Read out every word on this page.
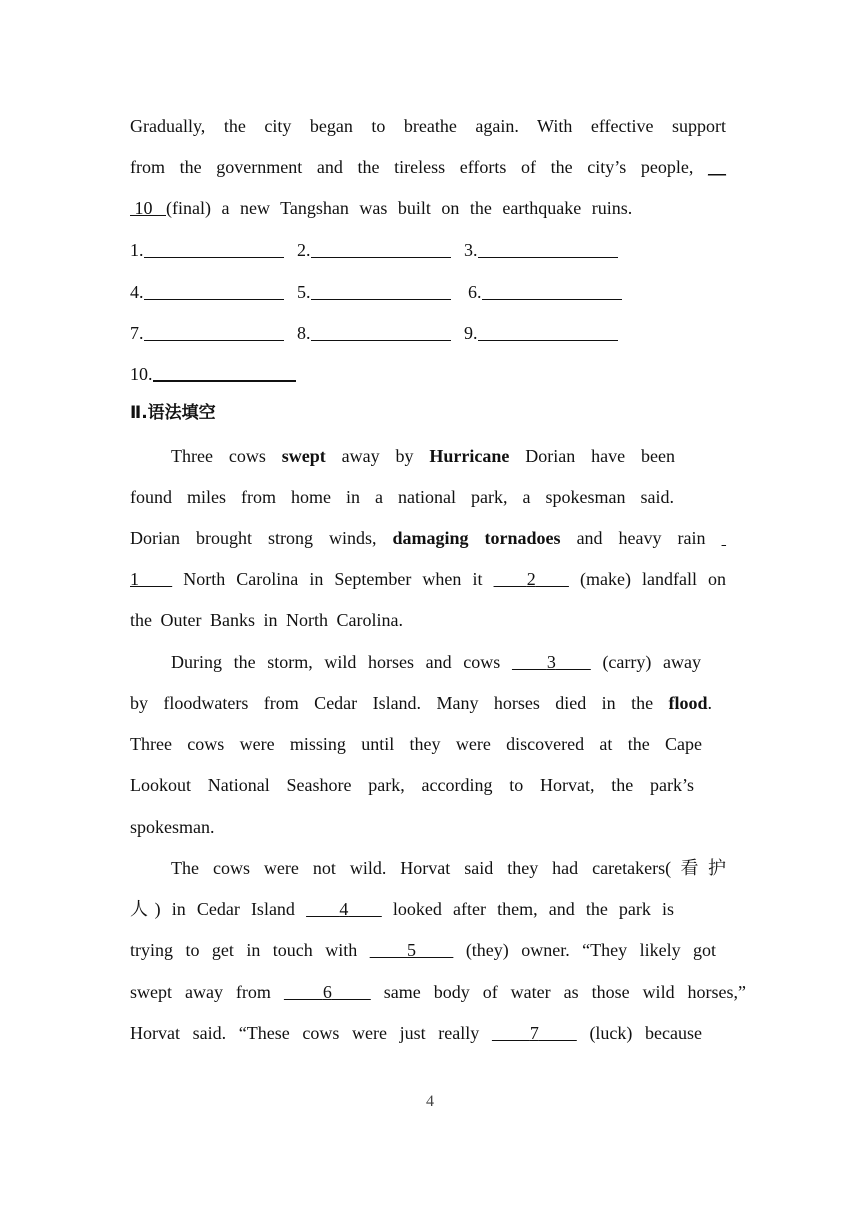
Gradually, the city began to breathe again. With effective support
from the government and the tireless efforts of the city’s people, __
10 (final) a new Tangshan was built on the earthquake ruins.
1.	2.	3.
4.	5.	6.
7.	8.	9.
10.
Ⅱ.语法填空
Three cows swept away by Hurricane Dorian have been
found miles from home in a national park, a spokesman said.
Dorian brought strong winds, damaging tornadoes and heavy rain
1 North Carolina in September when it 2 (make) landfall on
the Outer Banks in North Carolina.
During the storm, wild horses and cows	3	(carry) away
by floodwaters from Cedar Island. Many horses died in the flood.
Three cows were missing until they were discovered at the Cape
Lookout National Seashore park, according to Horvat, the park’s
spokesman.
The cows were not wild. Horvat said they had caretakers(看护
人) in Cedar Island 4 looked after them, and the park is
trying to get in touch with	5	(they) owner. “They likely got
swept away from	6	same body of water as those wild horses,”
Horvat said. “These cows were just really	7	(luck) because
4
